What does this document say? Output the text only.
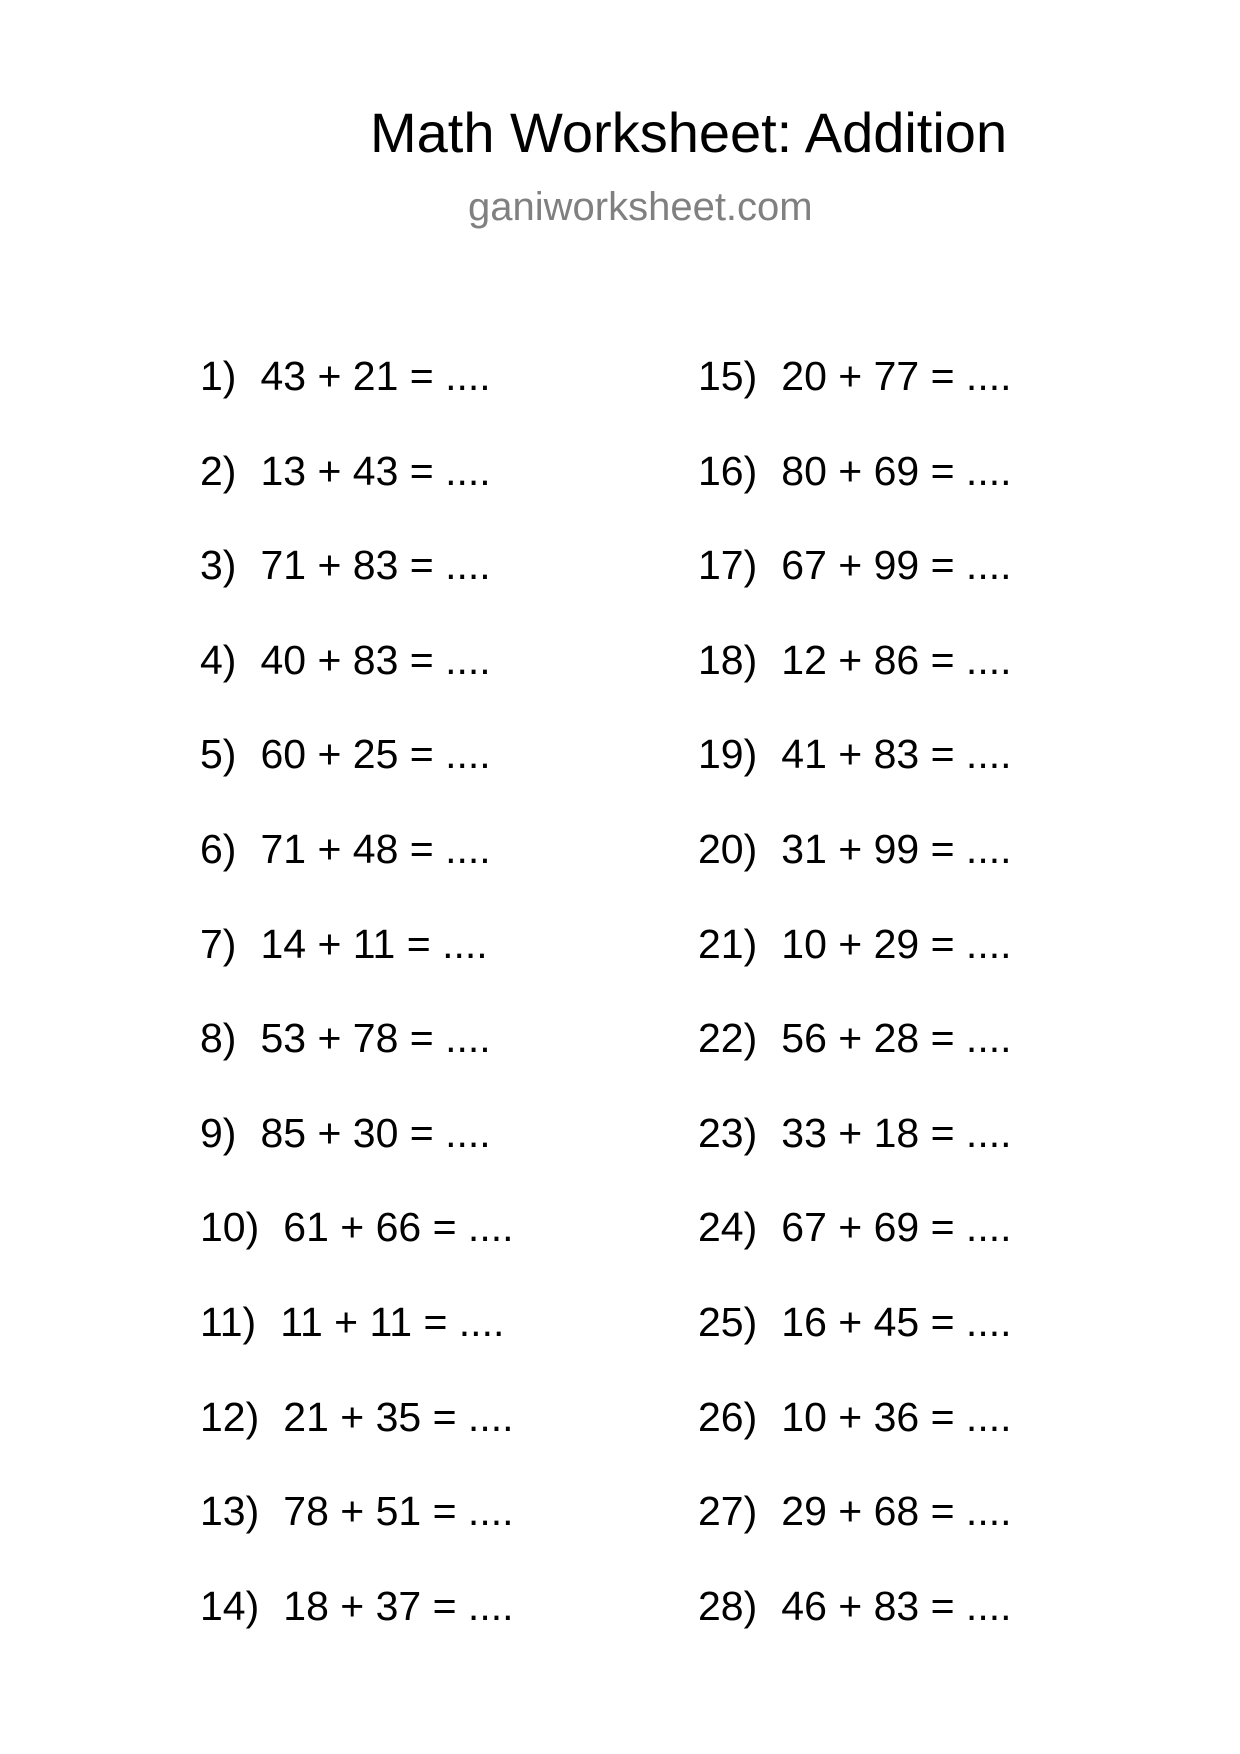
Math Worksheet: Addition
ganiworksheet.com
1) 43 + 21 = ....
2) 13 + 43 = ....
3) 71 + 83 = ....
4) 40 + 83 = ....
5) 60 + 25 = ....
6) 71 + 48 = ....
7) 14 + 11 = ....
8) 53 + 78 = ....
9) 85 + 30 = ....
10) 61 + 66 = ....
11) 11 + 11 = ....
12) 21 + 35 = ....
13) 78 + 51 = ....
14) 18 + 37 = ....
15) 20 + 77 = ....
16) 80 + 69 = ....
17) 67 + 99 = ....
18) 12 + 86 = ....
19) 41 + 83 = ....
20) 31 + 99 = ....
21) 10 + 29 = ....
22) 56 + 28 = ....
23) 33 + 18 = ....
24) 67 + 69 = ....
25) 16 + 45 = ....
26) 10 + 36 = ....
27) 29 + 68 = ....
28) 46 + 83 = ....
